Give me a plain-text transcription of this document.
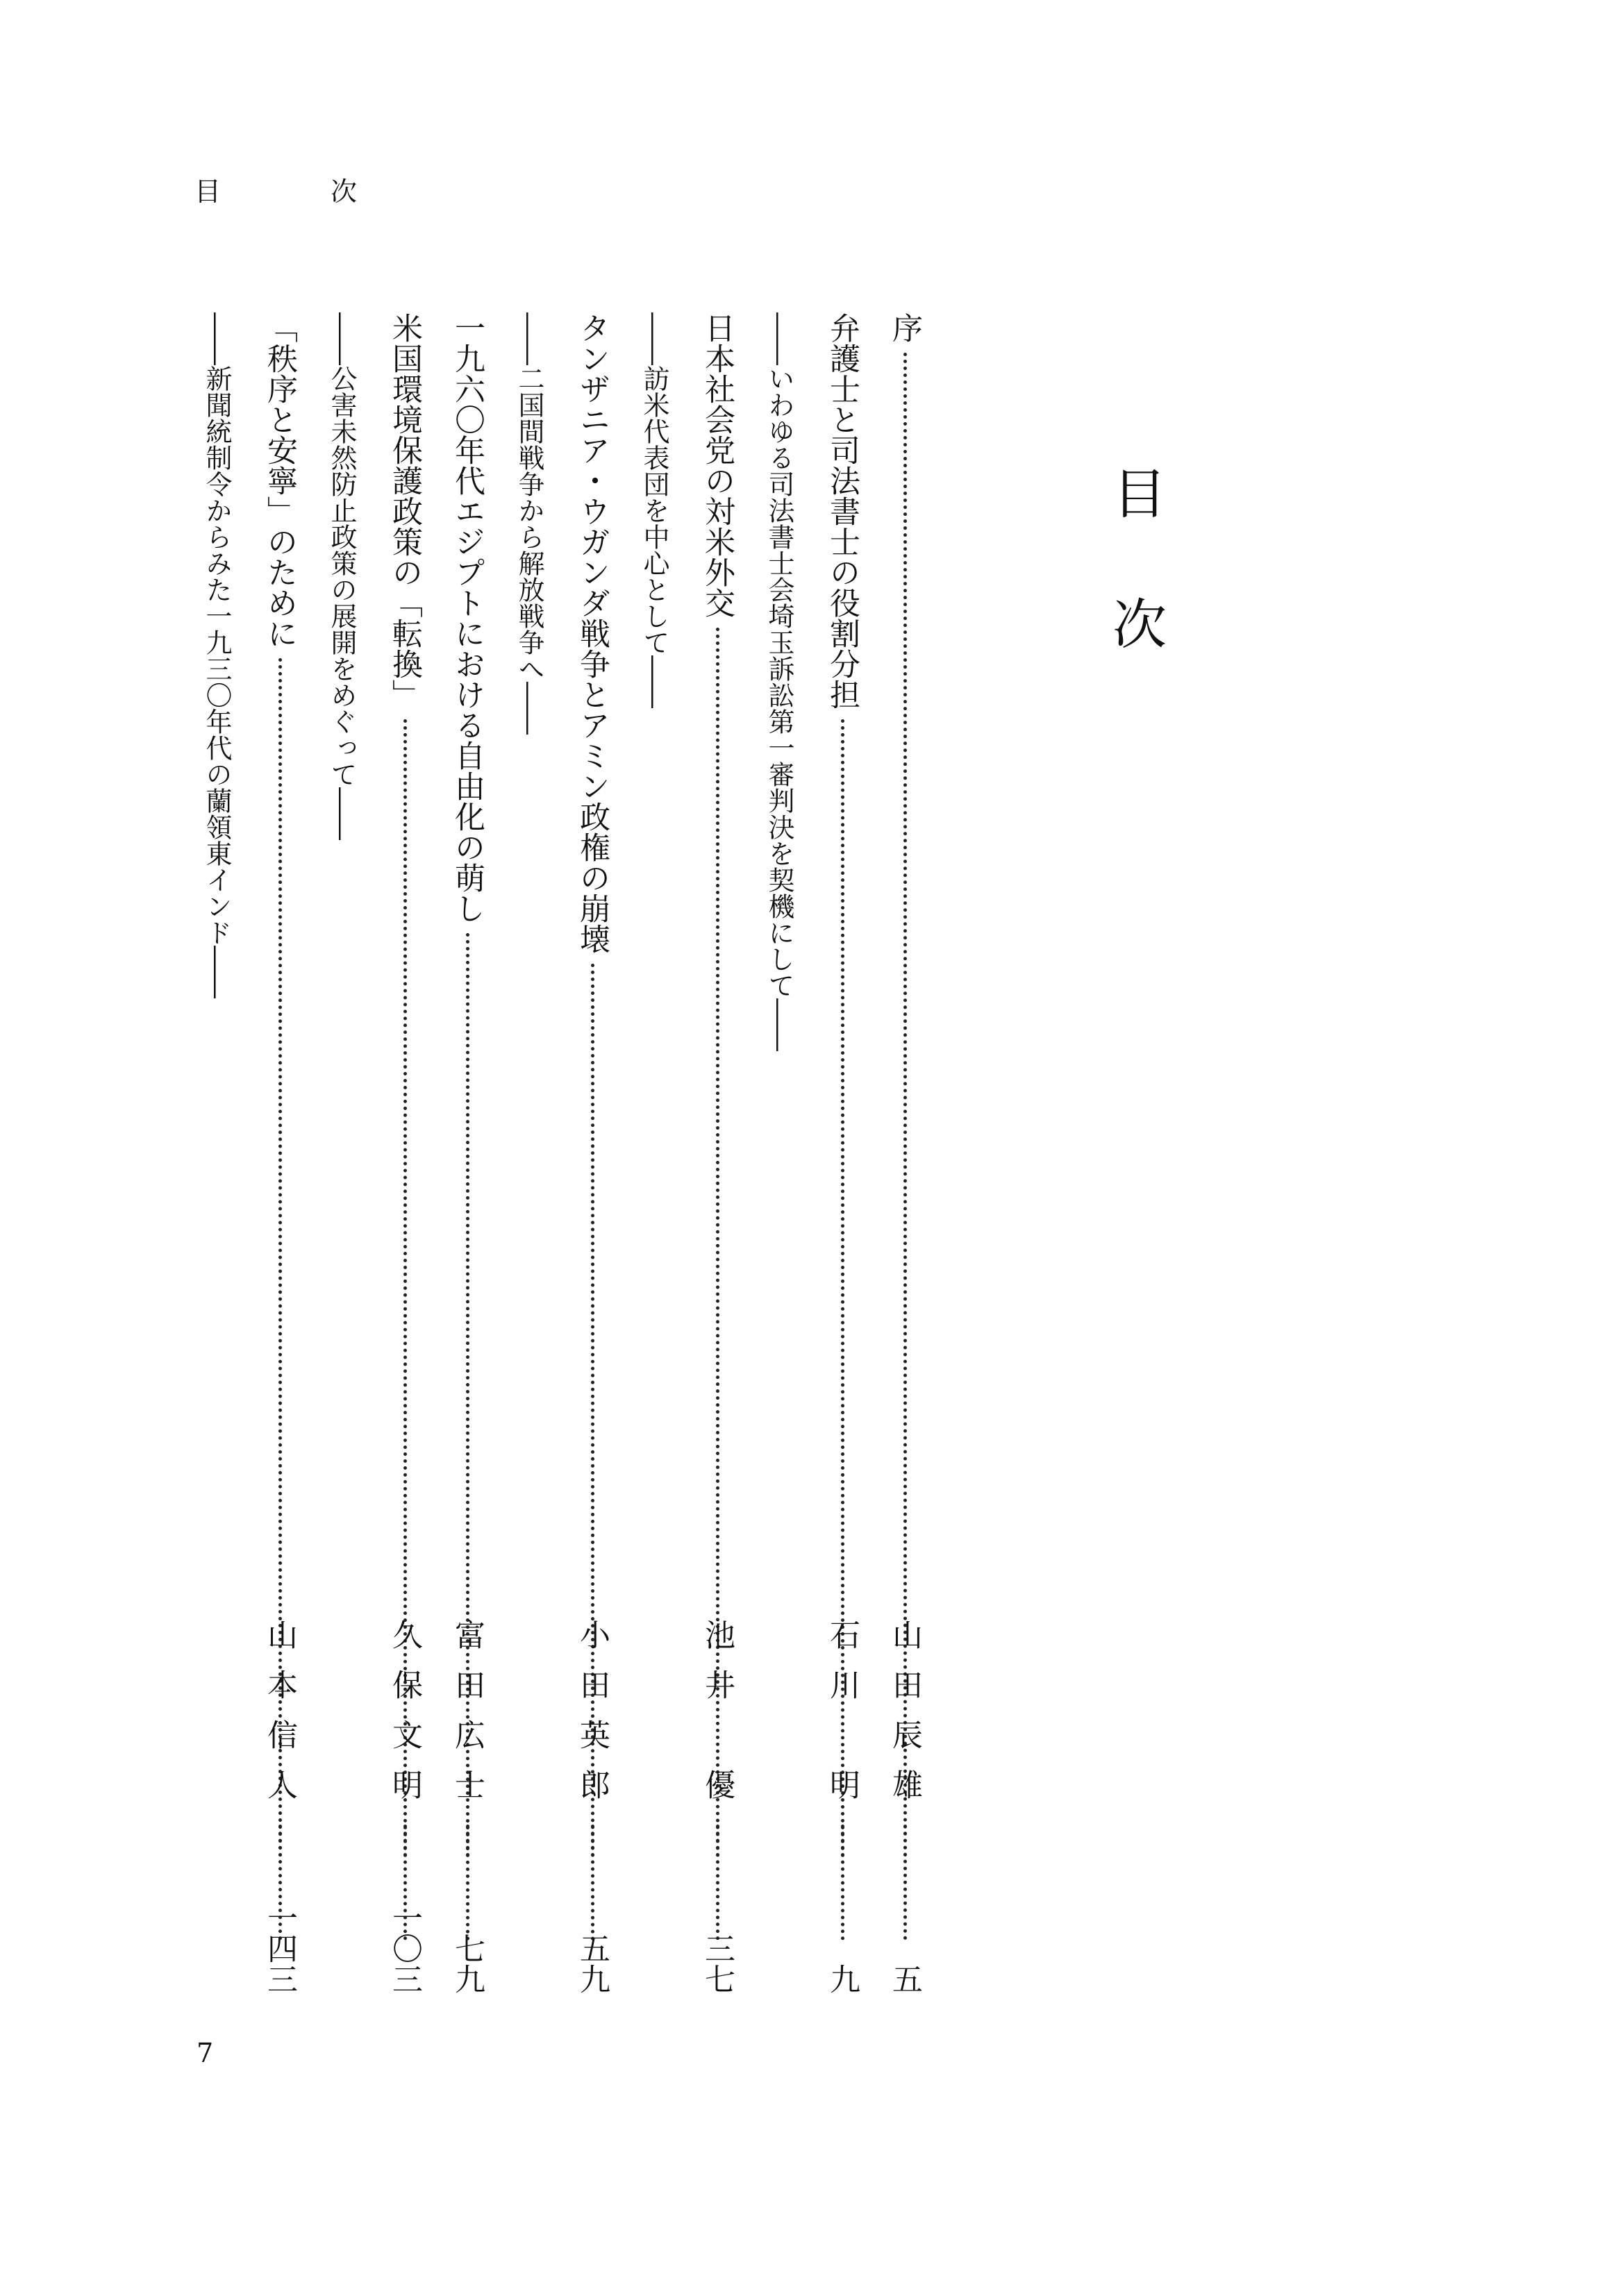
目　次
目次
序
山田辰雄
五
弁護士と司法書士の役割分担
――いわゆる司法書士会埼玉訴訟第一審判決を契機にして――
石川　明
九
日本社会党の対米外交
――訪米代表団を中心として――
池井　優
三七
タンザニア・ウガンダ戦争とアミン政権の崩壊
――二国間戦争から解放戦争へ――
小田英郎
五九
一九六〇年代エジプトにおける自由化の萌し
富田広士
七九
米国環境保護政策の「転換」
――公害未然防止政策の展開をめぐって――
久保文明
一〇三
「秩序と安寧」のために
――新聞統制令からみた一九三〇年代の蘭領東インド――
山本信人
一四三
7
